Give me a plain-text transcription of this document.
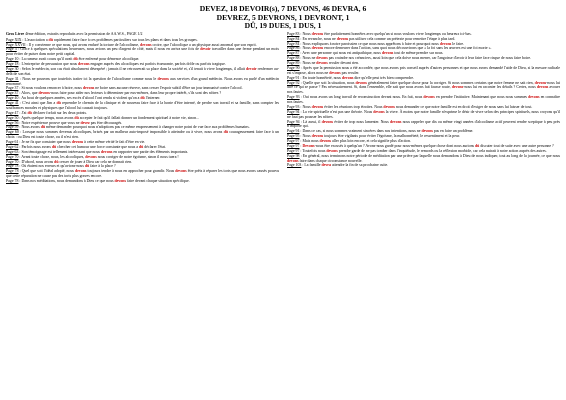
DEVEZ, 18 DEVOIR(s), 7 DEVONS, 46 DEVRA, 6
DEVREZ, 5 DEVRONS, 1 DEVRONT, 1
DÛ, 19 DUES, 1 DUS, 1
Gros Livre 4ème édition, extraits reproduits avec la permission de AA.W.S., PAGE 1/2
Page XIX : L'association a dû rapidement faire face à ces problèmes particuliers sur tous les plans et dans tous les groupes.
Page XXVII : Il y convienne ce que nous, qui avons enduré la torture de l'alcoolisme, devons croire, que l'alcoolique a un physique aussi anormal que son esprit.
Page 3 : Grâce à quelques spéculations heureuses, nous avions un peu d'argent de côté, mais il nous en arriva une fois de devoir travailler dans une ferme pendant un mois pour éviter de puiser dans notre petit capital.
Page 10 : La rumeur avait couru qu'il avait dû être enfermé pour démence alcoolique.
Page 18 : L'entreprise de persuasion que nous devons engager auprès des alcooliques est parfois écœurante, parfois drôle ou parfois tragique.
Page 30 : Selon le médecin, son cas était absolument désespéré ; jamais il ne retrouverait sa place dans la société et, s'il tenait à vivre longtemps, il allait devoir renfermer au-delà de son état.
Page 31 : Nous ne pouvons que toutefois traiter ici la question de l'alcoolisme comme nous le devons aux services d'un grand médecin. Nous avons eu parlé d'un médecin renommé.
Page 37 : Si nous voulons renoncer à boire, nous devons ne boire sans aucune réserve, sans cesser l'espoir subtil d'être un jour immunisé contre l'alcool.
Page 37 : Alors, que devons-nous faire pour aider nos lecteurs à déterminer par eux-mêmes, dans leur propre intérêt, s'ils sont des nôtres ?
Page 40 : Au bout de quelques années, ses excès d'alcool l'ont rendu si violent qu'on a dû l'interner.
Page 41 : C'est ainsi que Jim a dû reprendre le chemin de la clinique et de nouveau faire face à la honte d'être interné, de perdre son travail et sa famille, sans compter les souffrances morales et physiques que l'alcool lui causait toujours.
Page 47 : J'ai dû déclarer forfait sur les deux points.
Page 50 : Après quelque temps, nous avons dû accepter le fait qu'il fallait donner un fondement spirituel à notre vie, sinon...
Page 56 : Notre expérience prouve que vous ne devez pas être découragés.
Page 59 : Nous avons dû même demander pourquoi nous n'adoptions pas ce même empressement à changer notre point de vue face aux problèmes humains.
Page 60 : Lorsque nous sommes devenus alcooliques, brisés par un malheur auto-imposé impossible à atteindre ou à vivre, nous avons dû courageusement faire face à un choix : ou Dieu est toute chose, ou il n'est rien.
Page 61 : Je ne fis que constater que nous devons à cette même vérité le fait d'être en vie.
Page 62 : Parfois nous avons dû chercher cet humour une force constante que nous a dû déclarer l'état.
Page 63 : Son témoignage est tellement intéressant que nous devons en rapporter une partie des éléments importants.
Page 70 : Avant toute chose, nous, les alcooliques, devons nous corriger de notre égoïsme, sinon il nous tuera !
Page 70 : D'abord, nous avons dû cesser de jouer à Dieu car cela ne donnait rien.
Page 78 : Où étaient nos erreurs et qu'avions-nous dû faire à la place ?
Page 78 : Quel que soit l'idéal adopté, nous devons toujours tendre à nous en approcher pour grandir. Nous devons être prêts à réparer les torts que nous avons causés pourvu que cette réparation ne cause pas des torts plus graves encore.
Page 78 : Dans nos méditations, nous demandons à Dieu ce que nous devons faire devant chaque situation spécifique.
Page 83 : Nous devons être parfaitement honnêtes avec quelqu'un si nous voulons vivre longtemps ou heureux ici-bas.
Page 84 : En revanche, nous ne devons pas utiliser cela comme un prétexte pour remettre l'étape à plus tard.
Page 84 : Nous expliquons à notre paroissien ce que nous nous apprêtons à faire et pourquoi nous devons le faire.
Page 86 : Nous devons encore demeurer dans l'action, sans quoi nous découvrirons que « la foi sans les œuvres est une foi morte ».
Page 87 : Avec une personne qui nous est antipathique, nous devons tout de même prendre sur nous.
Page 88 : Nous ne devons pas craindre nos créanciers, aussi loin que cela doive nous mener, car l'angoisse d'avoir à leur faire face risque de nous faire boire.
Page 89 : Nous ne devons reculer devant rien.
Page 90 : Après que la permission nous a été accordée, que nous avons pris conseil auprès d'autres personnes et que nous avons demandé l'aide de Dieu, si la mesure radicale est s'impose, alors nous ne devons pas reculer.
Page 91 : En toute honnêteté, nous devons dire qu'elle peut très bien comprendre.
Page 92 : Quelle que soit la situation, nous devons généralement faire quelque chose pour la corriger. Si nous sommes certains que notre femme ne sait rien, devons-nous lui dire ce qui se passe ? Pas nécessairement. Si, dans l'ensemble, elle sait que nous avons fait fausse route, devons-nous lui en raconter les détails ? Certes, nous devons avouer nos fautes.
Page 93 : Oui nous avons un long travail de reconstruction devant nous. En fait, nous devons en prendre l'initiative. Maintenant que nous nous sommes devons en connaître nos fautes.
Page 93 : Nous devons éviter les réunions trop étroites. Nous devons nous demander ce que notre famille est en droit d'exiger de nous sans lui laisser de tout.
Page 94 : La vie spirituelle n'est pas une théorie. Nous devons la vivre. À moins que notre famille n'exprime le désir de vivre selon des principes spirituels, nous croyons qu'il ne faut pas pousser les nôtres.
Page 94 : Là aussi, il devons éviter de trop nous lamenter. Nous devons nous rappeler que dix ou même vingt années d'alcoolisme actif peuvent rendre sceptique à peu près n'importe qui.
Page 94 : Dans ce cas, si nous sommes vraiment sincères dans nos intentions, nous ne devons pas en faire un problème.
Page 95 : Nous devons toujours être vigilants pour éviter l'égoïsme, la malhonnêteté, le ressentiment et la peur.
Page 97 : Mais nous devons aller plus loin encore, et cela signifie plus d'action.
Page 97 : Devons-nous être excusés à quelqu'un ? Avons-nous gardé pour nous-mêmes quelque chose dont nous aurions dû discuter tout de suite avec une autre personne ?
Page 97 : Toutefois nous devons prendre garde de ne pas tomber dans l'inquiétude, le remords ou la réflexion morbide, car cela nuirait à notre action auprès des autres.
Page 98 : En général, nous terminons notre période de méditation par une prière par laquelle nous demandons à Dieu de nous indiquer, tout au long de la journée, ce que nous devons faire dans chaque circonstance nouvelle.
Page 103 : La famille devra attendre la fin de sa prochaine cuite.
